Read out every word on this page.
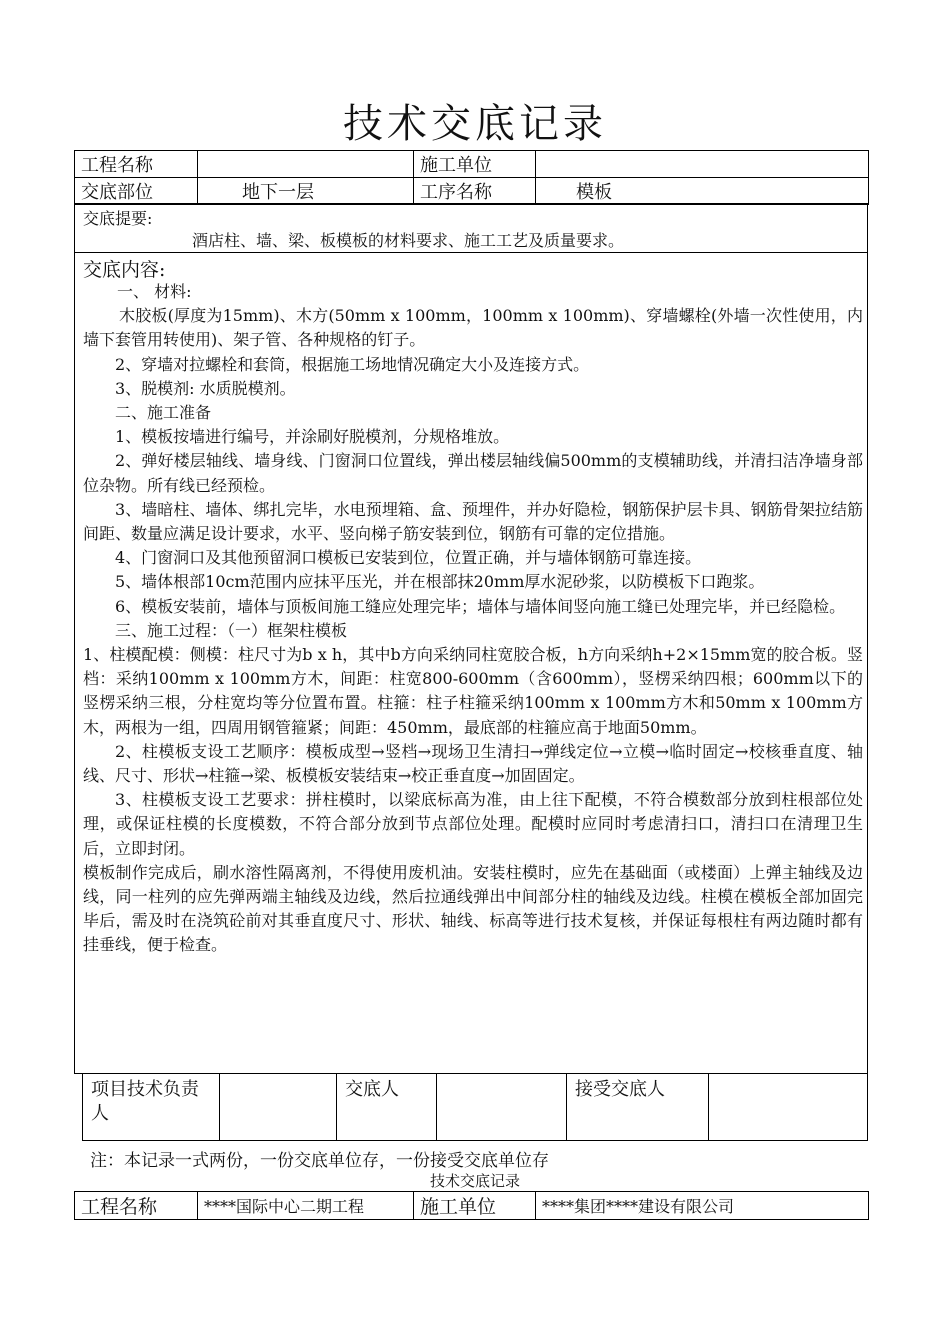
技术交底记录
工程名称		施工单位	
交底部位	地下一层	工序名称	模板
交底提要:
酒店柱、墙、梁、板模板的材料要求、施工工艺及质量要求。
交底内容:

一、 材料:

木胶板(厚度为15mm)、木方(50mm x 100mm，100mm x 100mm)、穿墙螺栓(外墙一次性使用，内墙下套管用转使用)、架子管、各种规格的钉子。

2、穿墙对拉螺栓和套筒，根据施工场地情况确定大小及连接方式。

3、脱模剂: 水质脱模剂。

二、施工准备

1、模板按墙进行编号，并涂刷好脱模剂，分规格堆放。

2、弹好楼层轴线、墙身线、门窗洞口位置线，弹出楼层轴线偏500mm的支模辅助线，并清扫洁净墙身部位杂物。所有线已经预检。

3、墙暗柱、墙体、绑扎完毕，水电预埋箱、盒、预埋件，并办好隐检，钢筋保护层卡具、钢筋骨架拉结筋间距、数量应满足设计要求，水平、竖向梯子筋安装到位，钢筋有可靠的定位措施。

4、门窗洞口及其他预留洞口模板已安装到位，位置正确，并与墙体钢筋可靠连接。

5、墙体根部10cm范围内应抹平压光，并在根部抹20mm厚水泥砂浆，以防模板下口跑浆。

6、模板安装前，墙体与顶板间施工缝应处理完毕；墙体与墙体间竖向施工缝已处理完毕，并已经隐检。

三、施工过程：（一）框架柱模板

1、柱模配模：侧模：柱尺寸为b x h，其中b方向采纳同柱宽胶合板，h方向采纳h+2×15mm宽的胶合板。竖档：采纳100mm x 100mm方木，间距：柱宽800-600mm（含600mm），竖楞采纳四根；600mm以下的竖楞采纳三根，分柱宽均等分位置布置。柱箍：柱子柱箍采纳100mm x 100mm方木和50mm x 100mm方木，两根为一组，四周用钢管箍紧；间距：450mm，最底部的柱箍应高于地面50mm。

2、柱模板支设工艺顺序：模板成型→竖档→现场卫生清扫→弹线定位→立模→临时固定→校核垂直度、轴线、尺寸、形状→柱箍→梁、板模板安装结束→校正垂直度→加固固定。

3、柱模板支设工艺要求：拼柱模时，以梁底标高为准，由上往下配模，不符合模数部分放到柱根部位处理，或保证柱模的长度模数，不符合部分放到节点部位处理。配模时应同时考虑清扫口，清扫口在清理卫生后，立即封闭。

模板制作完成后，刷水溶性隔离剂，不得使用废机油。安装柱模时，应先在基础面（或楼面）上弹主轴线及边线，同一柱列的应先弹两端主轴线及边线，然后拉通线弹出中间部分柱的轴线及边线。柱模在模板全部加固完毕后，需及时在浇筑砼前对其垂直度尺寸、形状、轴线、标高等进行技术复核，并保证每根柱有两边随时都有挂垂线，便于检查。

项目技术负责人		交底人		接受交底人	
注：本记录一式两份，一份交底单位存，一份接受交底单位存
技术交底记录
工程名称	****国际中心二期工程	施工单位	****集团****建设有限公司
